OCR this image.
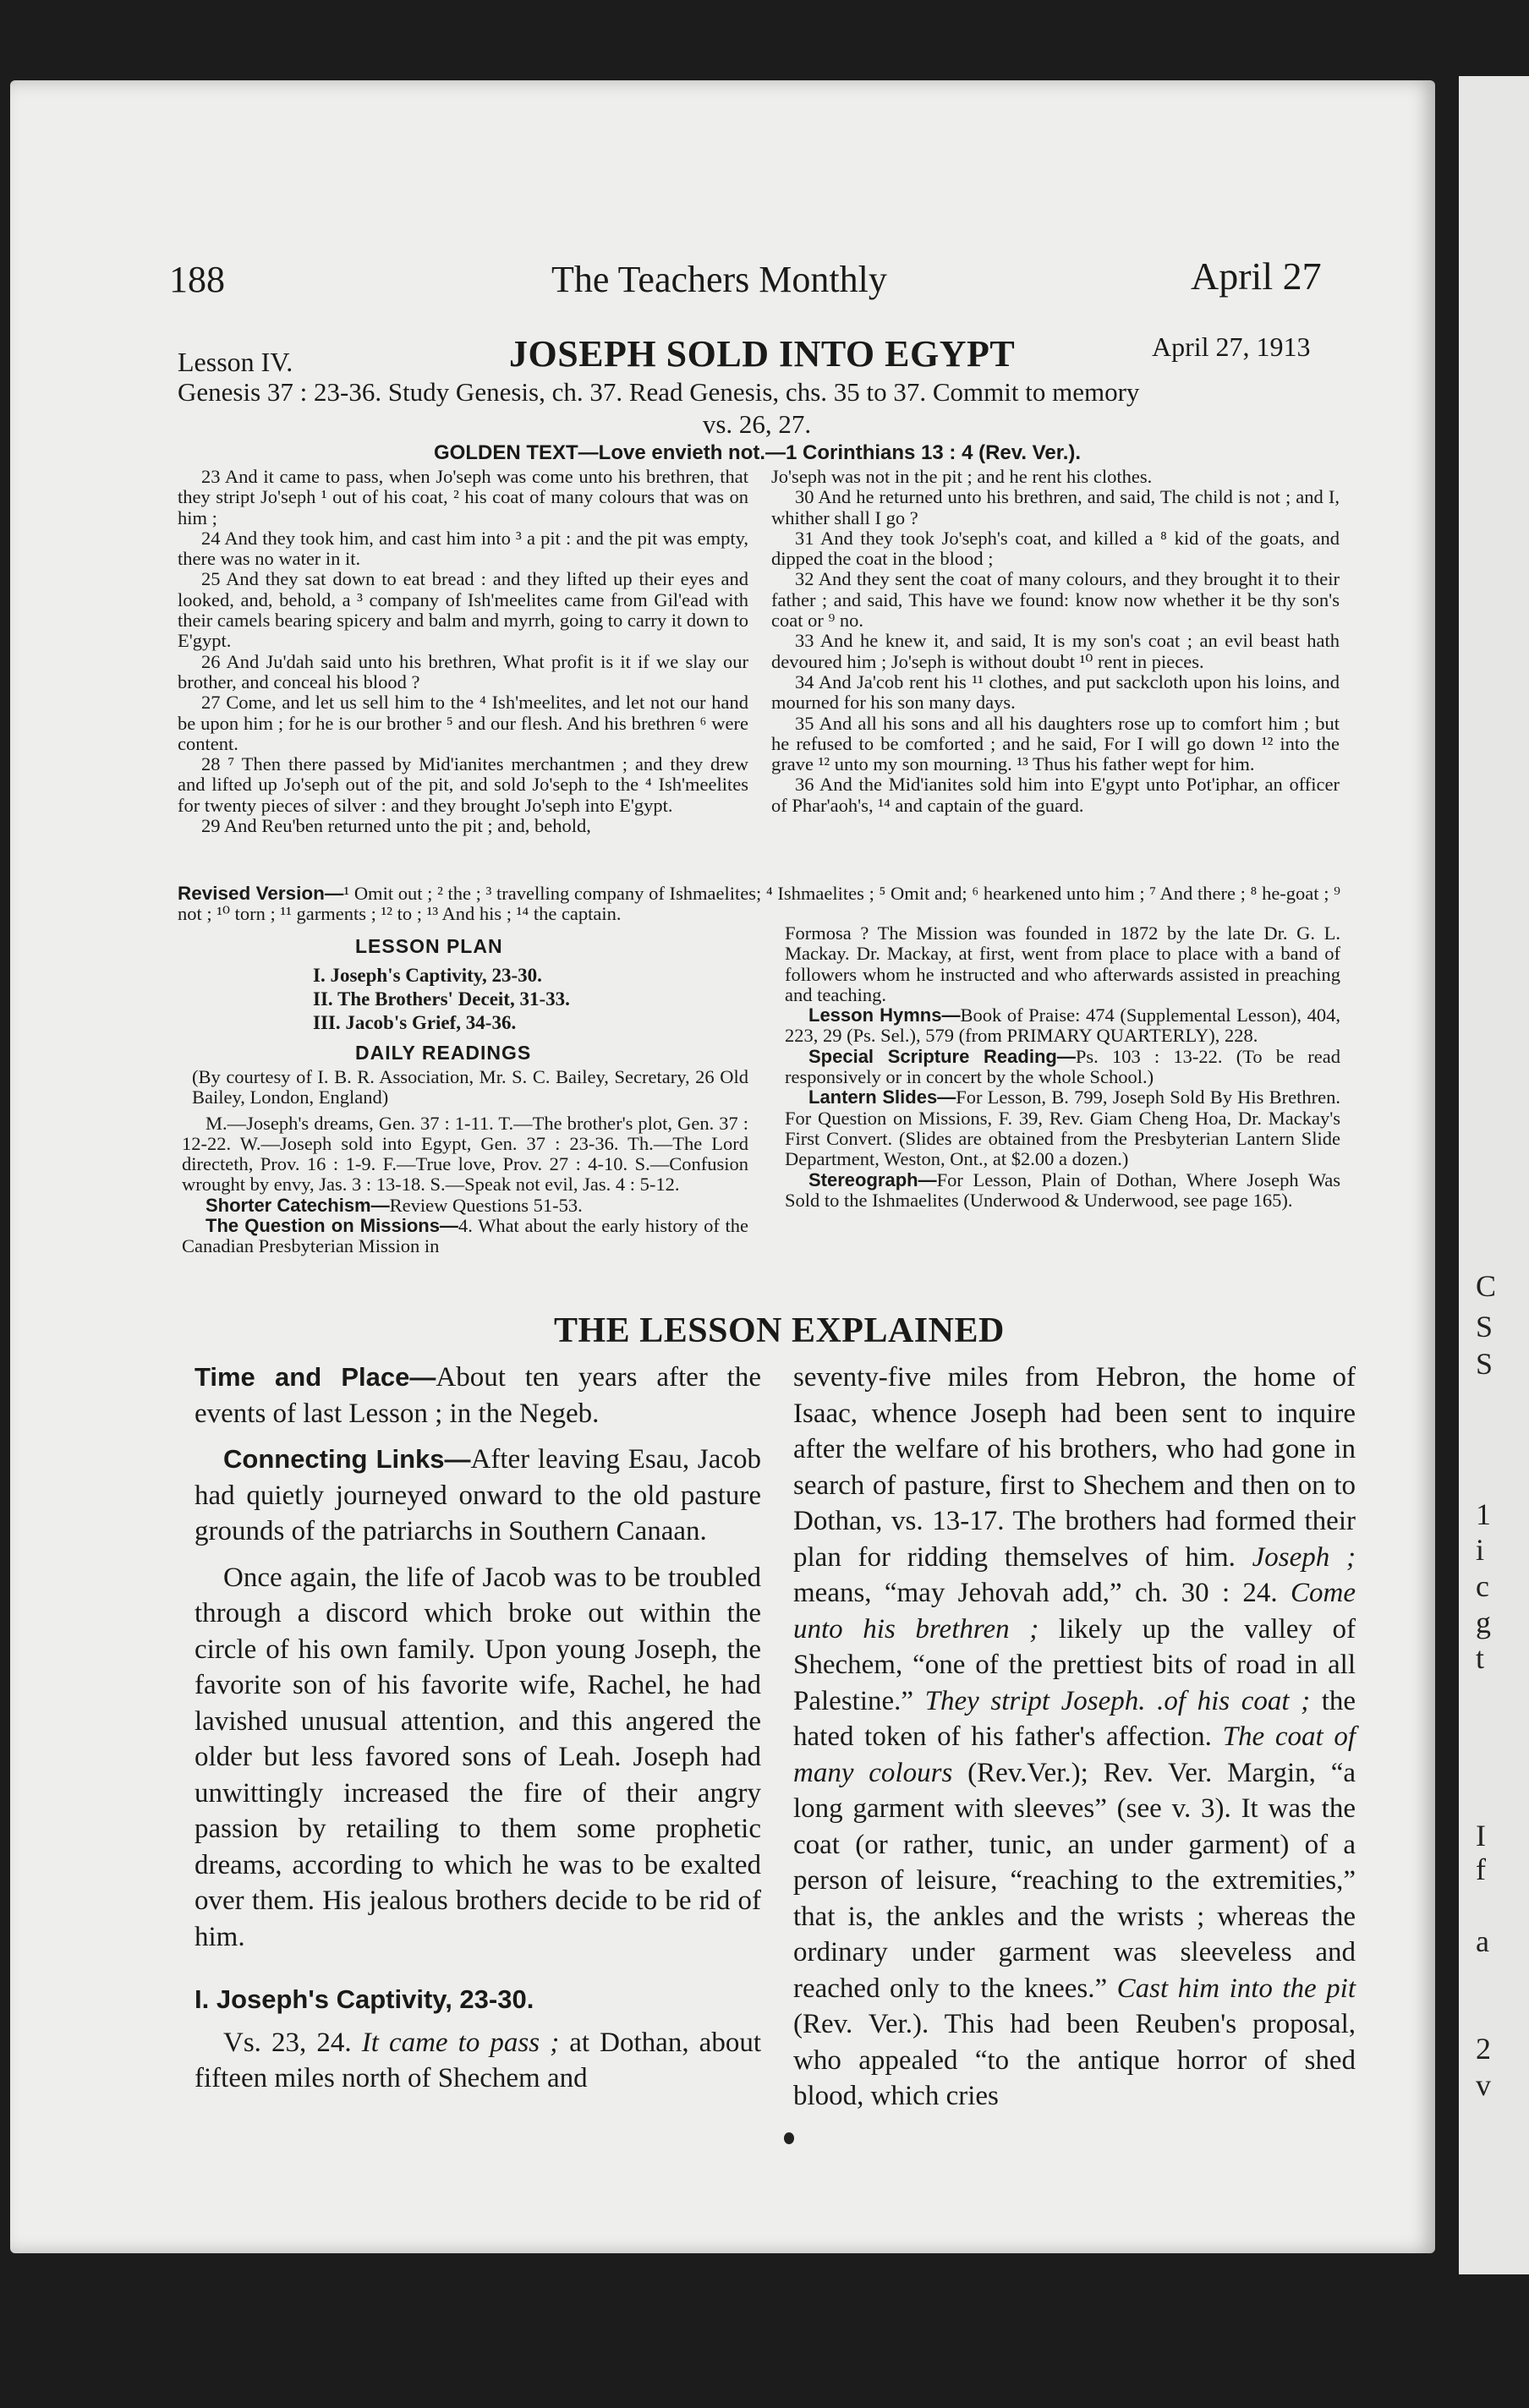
C
S
S
1
i
c
g
t
I
f
a
2
v
188	The Teachers Monthly	April 27
Lesson IV.	JOSEPH SOLD INTO EGYPT	April 27, 1913
Genesis 37 : 23-36. Study Genesis, ch. 37. Read Genesis, chs. 35 to 37. Commit to memory
vs. 26, 27.
GOLDEN TEXT—Love envieth not.—1 Corinthians 13 : 4 (Rev. Ver.).

23 And it came to pass, when Jo'seph was come unto his brethren, that they stript Jo'seph ¹ out of his coat, ² his coat of many colours that was on him ;

24 And they took him, and cast him into ³ a pit : and the pit was empty, there was no water in it.

25 And they sat down to eat bread : and they lifted up their eyes and looked, and, behold, a ³ company of Ish'meelites came from Gil'ead with their camels bearing spicery and balm and myrrh, going to carry it down to E'gypt.

26 And Ju'dah said unto his brethren, What profit is it if we slay our brother, and conceal his blood ?

27 Come, and let us sell him to the ⁴ Ish'meelites, and let not our hand be upon him ; for he is our brother ⁵ and our flesh. And his brethren ⁶ were content.

28 ⁷ Then there passed by Mid'ianites merchantmen ; and they drew and lifted up Jo'seph out of the pit, and sold Jo'seph to the ⁴ Ish'meelites for twenty pieces of silver : and they brought Jo'seph into E'gypt.

29 And Reu'ben returned unto the pit ; and, behold,

Jo'seph was not in the pit ; and he rent his clothes.

30 And he returned unto his brethren, and said, The child is not ; and I, whither shall I go ?

31 And they took Jo'seph's coat, and killed a ⁸ kid of the goats, and dipped the coat in the blood ;

32 And they sent the coat of many colours, and they brought it to their father ; and said, This have we found: know now whether it be thy son's coat or ⁹ no.

33 And he knew it, and said, It is my son's coat ; an evil beast hath devoured him ; Jo'seph is without doubt ¹⁰ rent in pieces.

34 And Ja'cob rent his ¹¹ clothes, and put sackcloth upon his loins, and mourned for his son many days.

35 And all his sons and all his daughters rose up to comfort him ; but he refused to be comforted ; and he said, For I will go down ¹² into the grave ¹² unto my son mourning. ¹³ Thus his father wept for him.

36 And the Mid'ianites sold him into E'gypt unto Pot'iphar, an officer of Phar'aoh's, ¹⁴ and captain of the guard.

Revised Version—¹ Omit out ; ² the ; ³ travelling company of Ishmaelites; ⁴ Ishmaelites ; ⁵ Omit and; ⁶ hearkened unto him ; ⁷ And there ; ⁸ he-goat ; ⁹ not ; ¹⁰ torn ; ¹¹ garments ; ¹² to ; ¹³ And his ; ¹⁴ the captain.
LESSON PLAN
I. Joseph's Captivity, 23-30.
II. The Brothers' Deceit, 31-33.
III. Jacob's Grief, 34-36.
DAILY READINGS

(By courtesy of I. B. R. Association, Mr. S. C. Bailey, Secretary, 26 Old Bailey, London, England)

M.—Joseph's dreams, Gen. 37 : 1-11. T.—The brother's plot, Gen. 37 : 12-22. W.—Joseph sold into Egypt, Gen. 37 : 23-36. Th.—The Lord directeth, Prov. 16 : 1-9. F.—True love, Prov. 27 : 4-10. S.—Confusion wrought by envy, Jas. 3 : 13-18. S.—Speak not evil, Jas. 4 : 5-12.

Shorter Catechism—Review Questions 51-53.

The Question on Missions—4. What about the early history of the Canadian Presbyterian Mission in

Formosa ? The Mission was founded in 1872 by the late Dr. G. L. Mackay. Dr. Mackay, at first, went from place to place with a band of followers whom he instructed and who afterwards assisted in preaching and teaching.

Lesson Hymns—Book of Praise: 474 (Supplemental Lesson), 404, 223, 29 (Ps. Sel.), 579 (from PRIMARY QUARTERLY), 228.

Special Scripture Reading—Ps. 103 : 13-22. (To be read responsively or in concert by the whole School.)

Lantern Slides—For Lesson, B. 799, Joseph Sold By His Brethren. For Question on Missions, F. 39, Rev. Giam Cheng Hoa, Dr. Mackay's First Convert. (Slides are obtained from the Presbyterian Lantern Slide Department, Weston, Ont., at $2.00 a dozen.)

Stereograph—For Lesson, Plain of Dothan, Where Joseph Was Sold to the Ishmaelites (Underwood & Underwood, see page 165).

THE LESSON EXPLAINED

Time and Place—About ten years after the events of last Lesson ; in the Negeb.

Connecting Links—After leaving Esau, Jacob had quietly journeyed onward to the old pasture grounds of the patriarchs in Southern Canaan.

Once again, the life of Jacob was to be troubled through a discord which broke out within the circle of his own family. Upon young Joseph, the favorite son of his favorite wife, Rachel, he had lavished unusual attention, and this angered the older but less favored sons of Leah. Joseph had unwittingly increased the fire of their angry passion by retailing to them some prophetic dreams, according to which he was to be exalted over them. His jealous brothers decide to be rid of him.

I. Joseph's Captivity, 23-30.

Vs. 23, 24. It came to pass ; at Dothan, about fifteen miles north of Shechem and

seventy-five miles from Hebron, the home of Isaac, whence Joseph had been sent to inquire after the welfare of his brothers, who had gone in search of pasture, first to Shechem and then on to Dothan, vs. 13-17. The brothers had formed their plan for ridding themselves of him. Joseph ; means, “may Jehovah add,” ch. 30 : 24. Come unto his brethren ; likely up the valley of Shechem, “one of the prettiest bits of road in all Palestine.” They stript Joseph. .of his coat ; the hated token of his father's affection. The coat of many colours (Rev.Ver.); Rev. Ver. Margin, “a long garment with sleeves” (see v. 3). It was the coat (or rather, tunic, an under garment) of a person of leisure, “reaching to the extremities,” that is, the ankles and the wrists ; whereas the ordinary under garment was sleeveless and reached only to the knees.” Cast him into the pit (Rev. Ver.). This had been Reuben's proposal, who appealed “to the antique horror of shed blood, which cries
